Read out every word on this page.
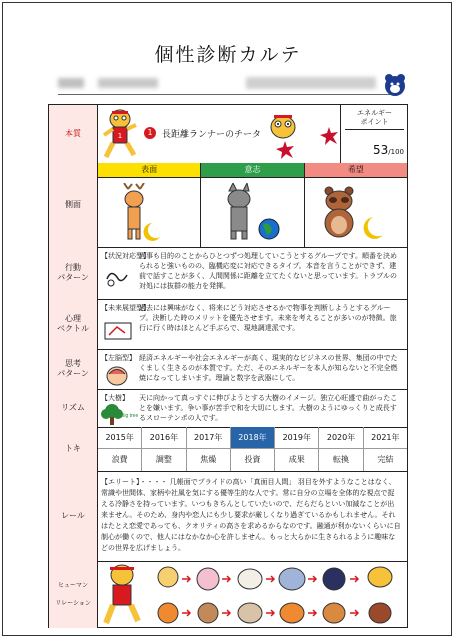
個性診断カルテ
本質	1	1	長距離ランナーのチータ
エネルギー
ポイント
53/100
表面	意志	希望
側面
行動
パターン
【状況対応型】
何事も目的のことからひとつずつ処理していこうとするグループです。順番を決められると強いものの、臨機応変に対応できるタイプ。本音を言うことができず、建前で話すことが多く、人間関係に距離を立てたくないと思っています。トラブルの対処には抜群の能力を発揮。
心理
ベクトル
【未来展望型】
過去には興味がなく、将来にどう対応させるかで物事を判断しようとするグループ。決断した時のメリットを優先させます。未来を考えることが多いのが特徴。旅行に行く時はほとんど手ぶらで、現地調達派です。
思考
パターン
【左脳型】 経済エネルギーや社会エネルギーが高く、現実的なビジネスの世界、集団の中でたくましく生きるのが本質です。ただ、そのエネルギーを本人が知らないと不完全燃焼になってしまいます。理論と数字を武器にして。
リズム
【大樹】
Big tree
天に向かって真っすぐに伸びようとする大樹のイメージ。独立心旺盛で曲がったことを嫌います。争い事が苦手で和を大切にします。大樹のようにゆっくりと成長するスローテンポの人です。
トキ
2015年	2016年	2017年	2018年	2019年	2020年	2021年
浪費	調整	焦燥	投資	成果	転換	完結
レール
【エリート】・・・・ 几帳面でプライドの高い「真面目人間」 羽目を外すようなことはなく、常識や世間体、家柄や社風を気にする優等生的な人です。常に自分の立場を全体的な視点で捉える冷静さを持っています。いつもきちんとしていたいので、だらだらといい加減なことが出来ません。そのため、身内や恋人にも少し要求が厳しくなり過ぎているかもしれません。それはたとえ恋愛であっても、クオリティの高さを求めるからなのです。融通が利かないくらいに自制心が働くので、他人にはなかなか心を許しません。もっと大らかに生きられるように趣味などの世界を広げましょう。
ヒューマン

リレーション
